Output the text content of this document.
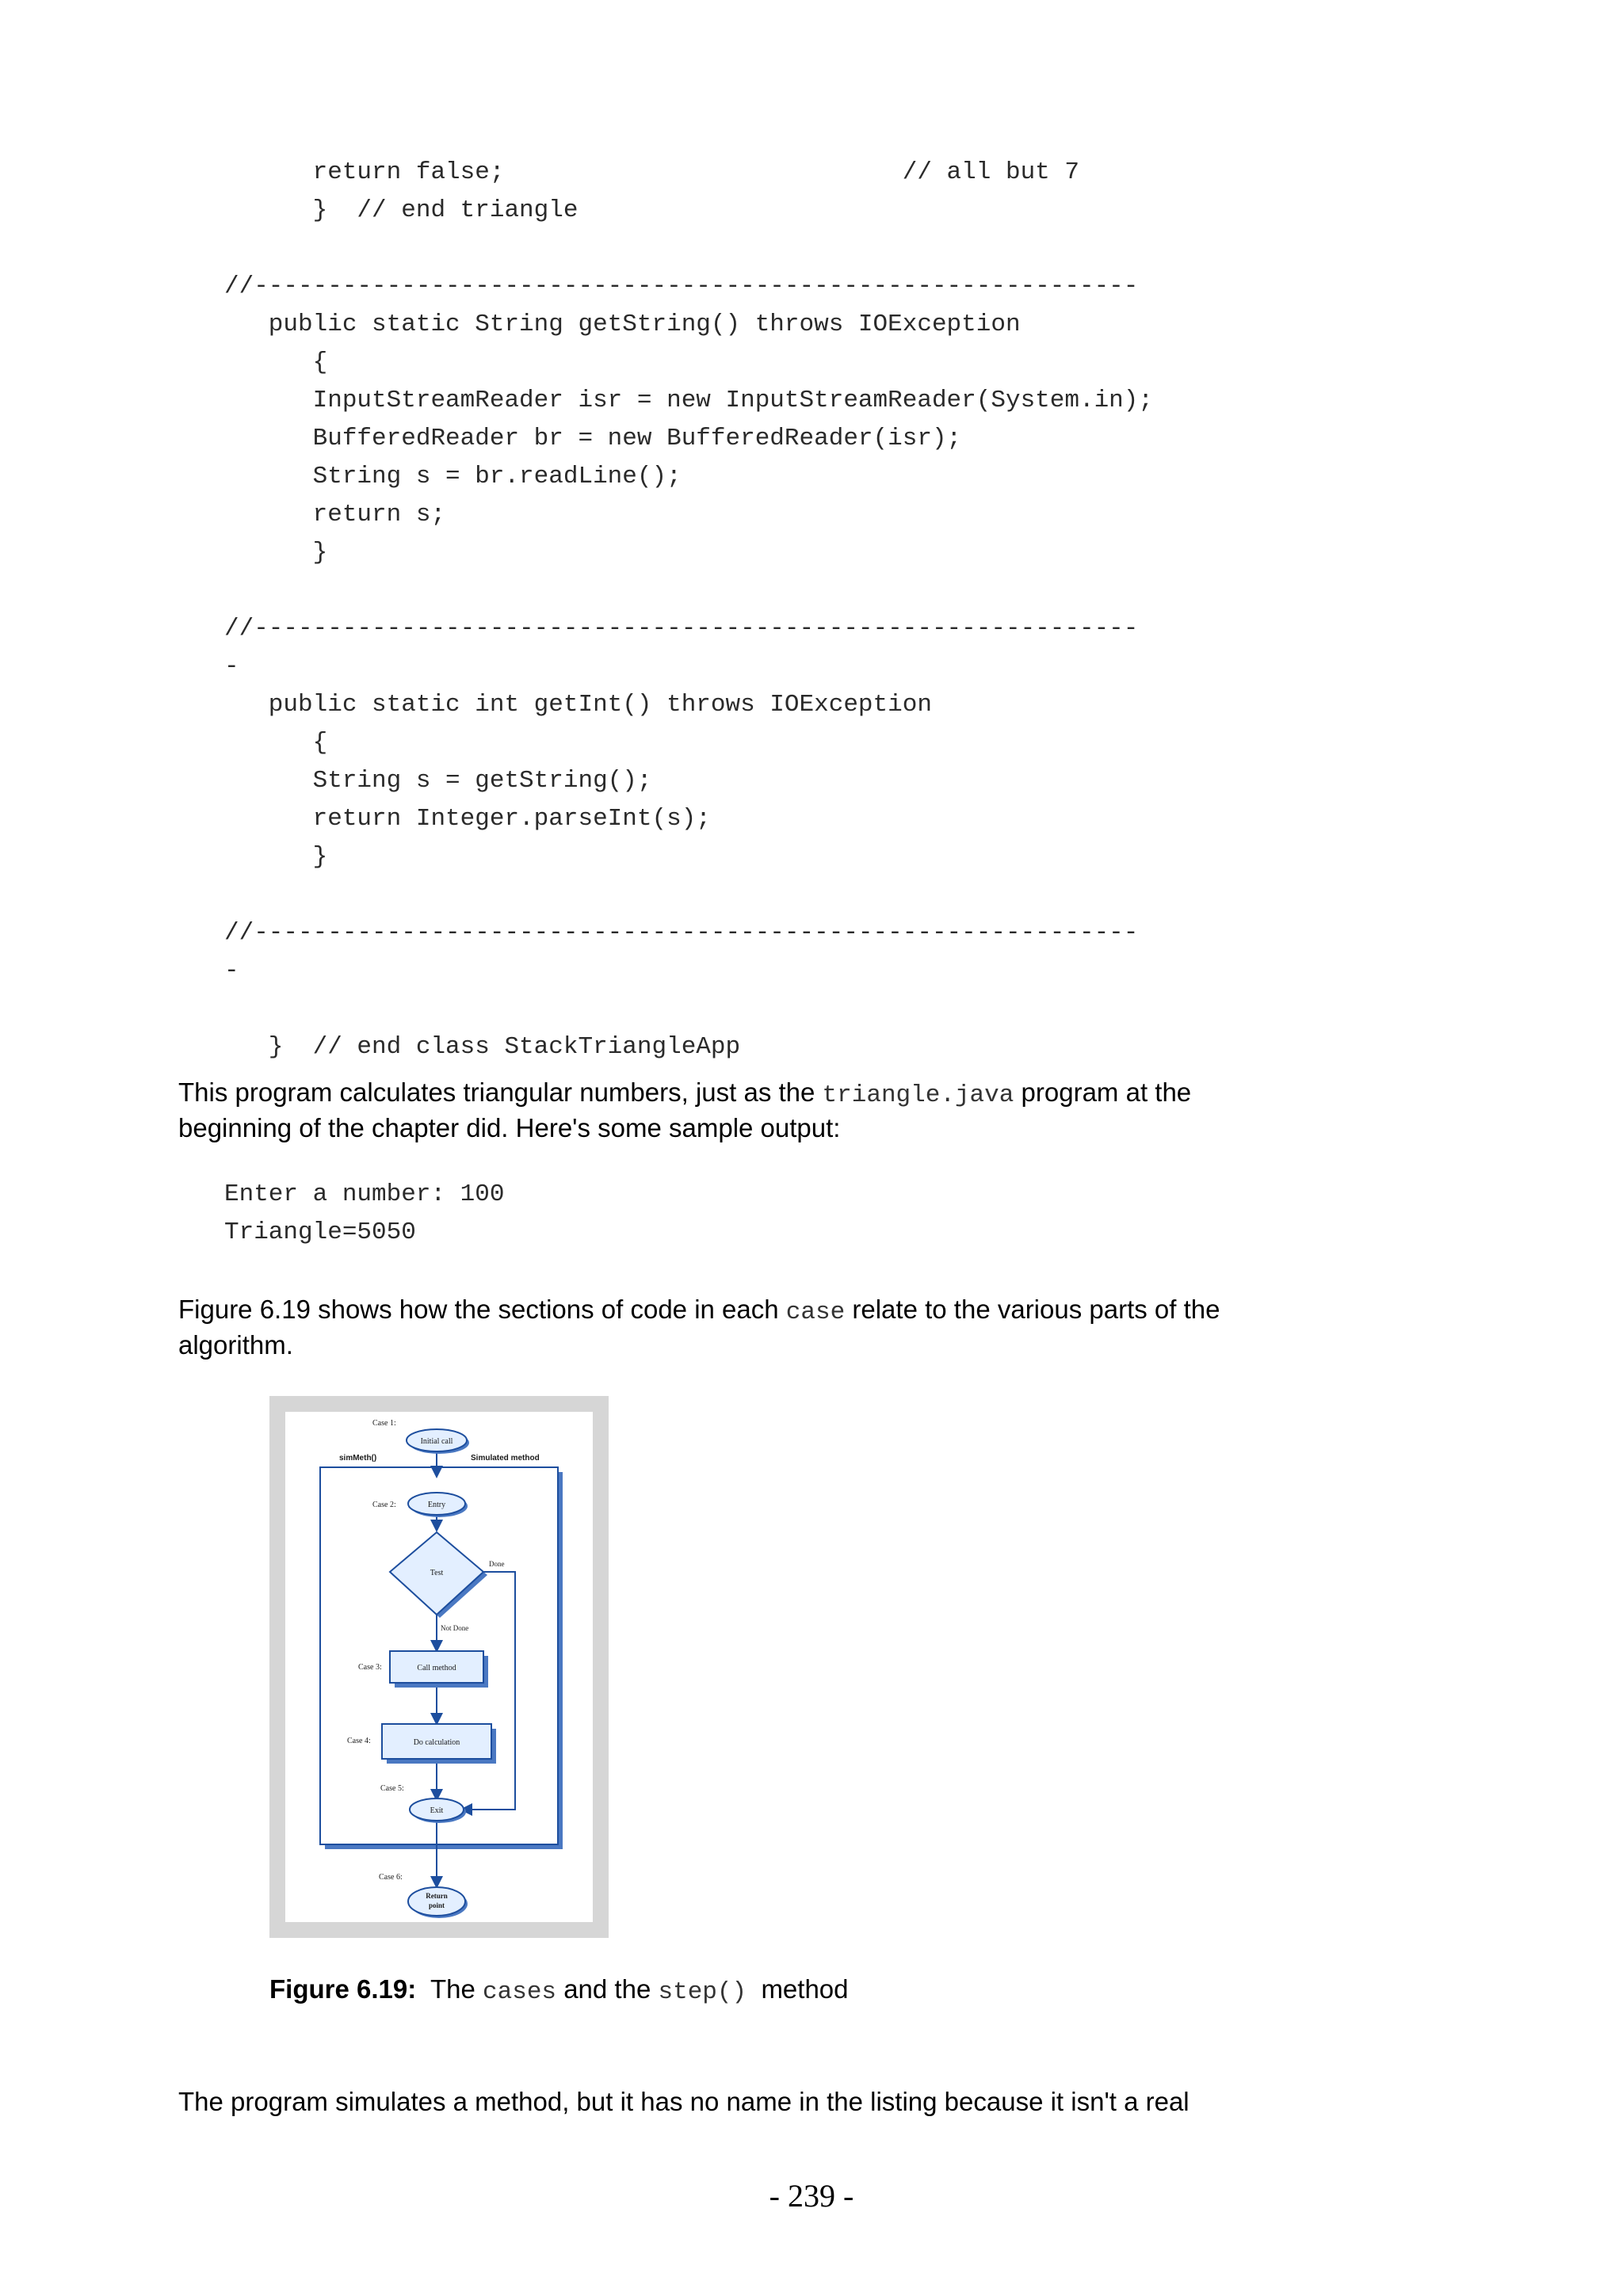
return false;                           // all but 7
}  // end triangle

//------------------------------------------------------------
public static String getString() throws IOException
{
InputStreamReader isr = new InputStreamReader(System.in);
BufferedReader br = new BufferedReader(isr);
String s = br.readLine();
return s;
}

//------------------------------------------------------------
-
public static int getInt() throws IOException
{
String s = getString();
return Integer.parseInt(s);
}

//------------------------------------------------------------
-

}  // end class StackTriangleApp

This program calculates triangular numbers, just as the triangle.java program at the beginning of the chapter did. Here's some sample output:

Enter a number: 100
Triangle=5050

Figure 6.19 shows how the sections of code in each case relate to the various parts of the algorithm.

simMeth()	Simulated method
Case 1:
Initial call
Case 2:	Entry
Test
Done
Not Done
Case 3:	Call method
Case 4:	Do calculation
Case 5:
Exit
Case 6:
Return
point

Figure 6.19:  The cases and the step()  method

The program simulates a method, but it has no name in the listing because it isn't a real

- 239 -
